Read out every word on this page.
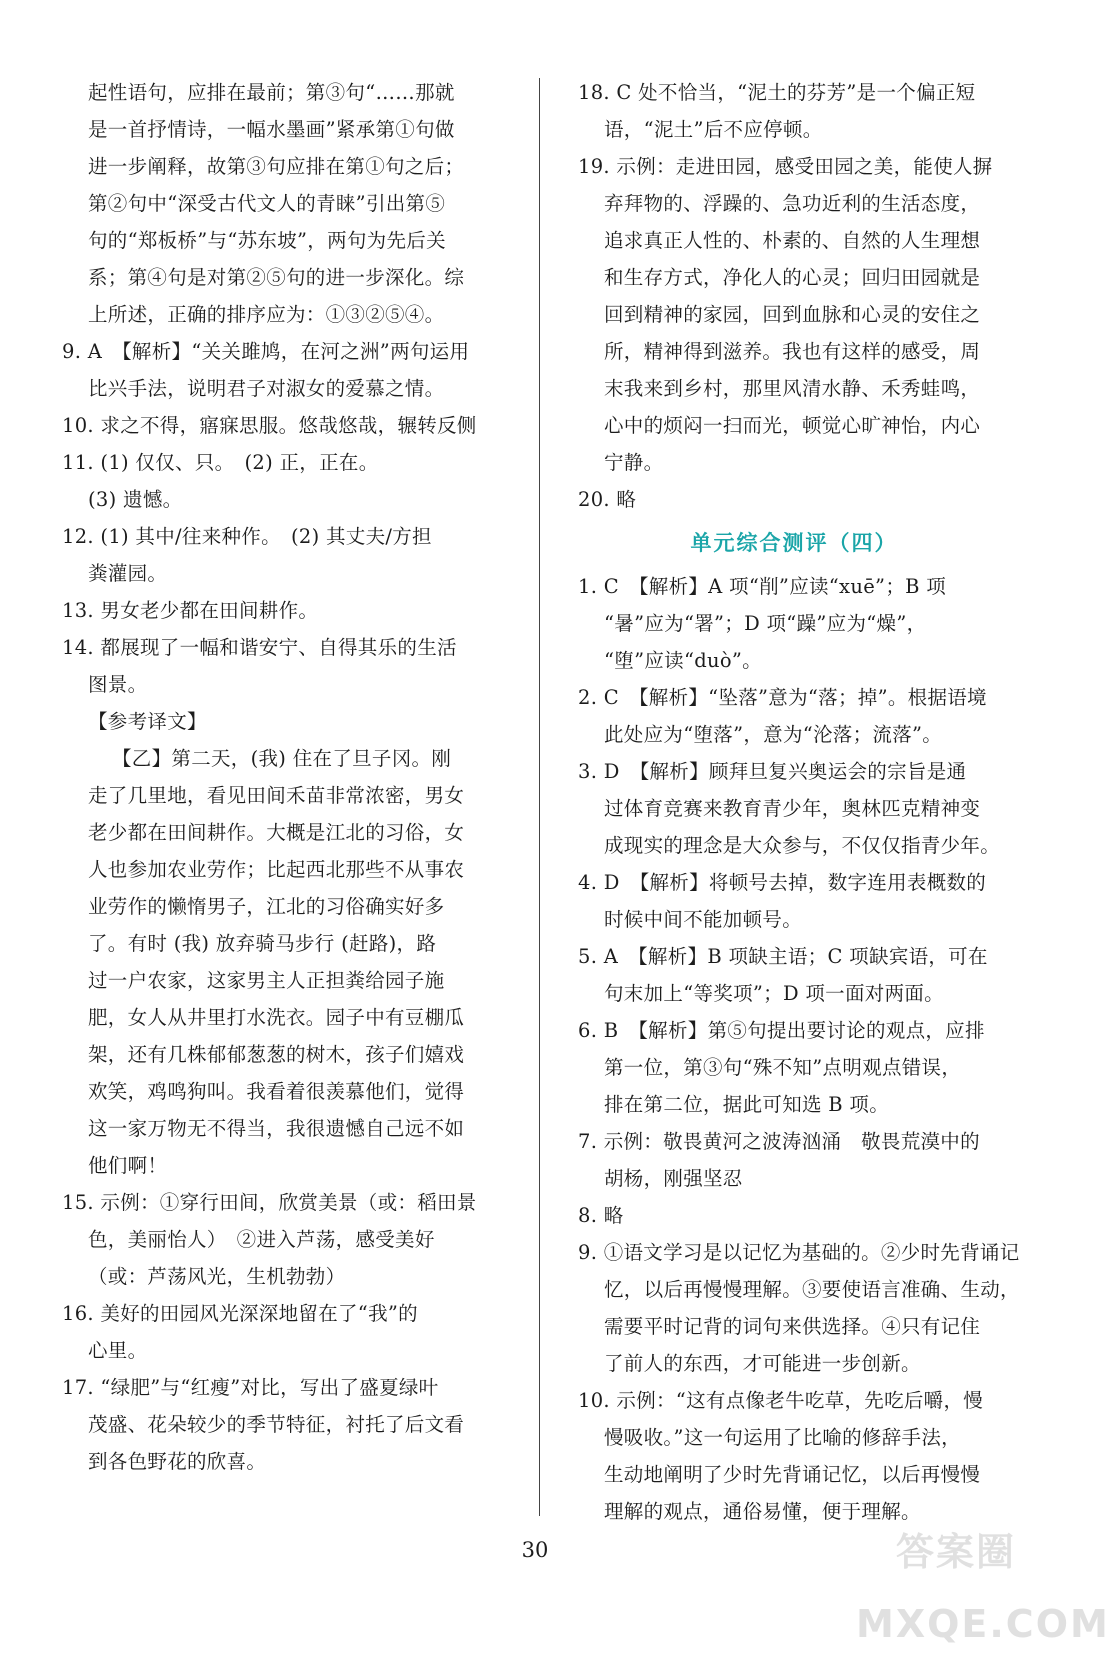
起性语句，应排在最前；第③句“……那就
是一首抒情诗，一幅水墨画”紧承第①句做
进一步阐释，故第③句应排在第①句之后；
第②句中“深受古代文人的青睐”引出第⑤
句的“郑板桥”与“苏东坡”，两句为先后关
系；第④句是对第②⑤句的进一步深化。综
上所述，正确的排序应为：①③②⑤④。
9. A　【解析】“关关雎鸠，在河之洲”两句运用
比兴手法，说明君子对淑女的爱慕之情。
10. 求之不得，寤寐思服。悠哉悠哉，辗转反侧
11. (1) 仅仅、只。　(2) 正，正在。
(3) 遗憾。
12. (1) 其中/往来种作。　(2) 其丈夫/方担
粪灌园。
13. 男女老少都在田间耕作。
14. 都展现了一幅和谐安宁、自得其乐的生活
图景。
【参考译文】
【乙】第二天，(我) 住在了旦子冈。刚
走了几里地，看见田间禾苗非常浓密，男女
老少都在田间耕作。大概是江北的习俗，女
人也参加农业劳作；比起西北那些不从事农
业劳作的懒惰男子，江北的习俗确实好多
了。有时 (我) 放弃骑马步行 (赶路)，路
过一户农家，这家男主人正担粪给园子施
肥，女人从井里打水洗衣。园子中有豆棚瓜
架，还有几株郁郁葱葱的树木，孩子们嬉戏
欢笑，鸡鸣狗叫。我看着很羡慕他们，觉得
这一家万物无不得当，我很遗憾自己远不如
他们啊！
15. 示例：①穿行田间，欣赏美景（或：稻田景
色，美丽怡人）　②进入芦荡，感受美好
（或：芦荡风光，生机勃勃）
16. 美好的田园风光深深地留在了“我”的
心里。
17. “绿肥”与“红瘦”对比，写出了盛夏绿叶
茂盛、花朵较少的季节特征，衬托了后文看
到各色野花的欣喜。
18. C 处不恰当，“泥土的芬芳”是一个偏正短
语，“泥土”后不应停顿。
19. 示例：走进田园，感受田园之美，能使人摒
弃拜物的、浮躁的、急功近利的生活态度，
追求真正人性的、朴素的、自然的人生理想
和生存方式，净化人的心灵；回归田园就是
回到精神的家园，回到血脉和心灵的安住之
所，精神得到滋养。我也有这样的感受，周
末我来到乡村，那里风清水静、禾秀蛙鸣，
心中的烦闷一扫而光，顿觉心旷神怡，内心
宁静。
20. 略
单元综合测评（四）
1. C　【解析】A 项“削”应读“xuē”；B 项
“暑”应为“署”；D 项“躁”应为“燥”，
“堕”应读“duò”。
2. C　【解析】“坠落”意为“落；掉”。根据语境
此处应为“堕落”，意为“沦落；流落”。
3. D　【解析】顾拜旦复兴奥运会的宗旨是通
过体育竞赛来教育青少年，奥林匹克精神变
成现实的理念是大众参与，不仅仅指青少年。
4. D　【解析】将顿号去掉，数字连用表概数的
时候中间不能加顿号。
5. A　【解析】B 项缺主语；C 项缺宾语，可在
句末加上“等奖项”；D 项一面对两面。
6. B　【解析】第⑤句提出要讨论的观点，应排
第一位，第③句“殊不知”点明观点错误，
排在第二位，据此可知选 B 项。
7. 示例：敬畏黄河之波涛汹涌　敬畏荒漠中的
胡杨，刚强坚忍
8. 略
9. ①语文学习是以记忆为基础的。②少时先背诵记
忆，以后再慢慢理解。③要使语言准确、生动，
需要平时记背的词句来供选择。④只有记住
了前人的东西，才可能进一步创新。
10. 示例：“这有点像老牛吃草，先吃后嚼，慢
慢吸收。”这一句运用了比喻的修辞手法，
生动地阐明了少时先背诵记忆，以后再慢慢
理解的观点，通俗易懂，便于理解。
30	答案圈 MXQE.COM
